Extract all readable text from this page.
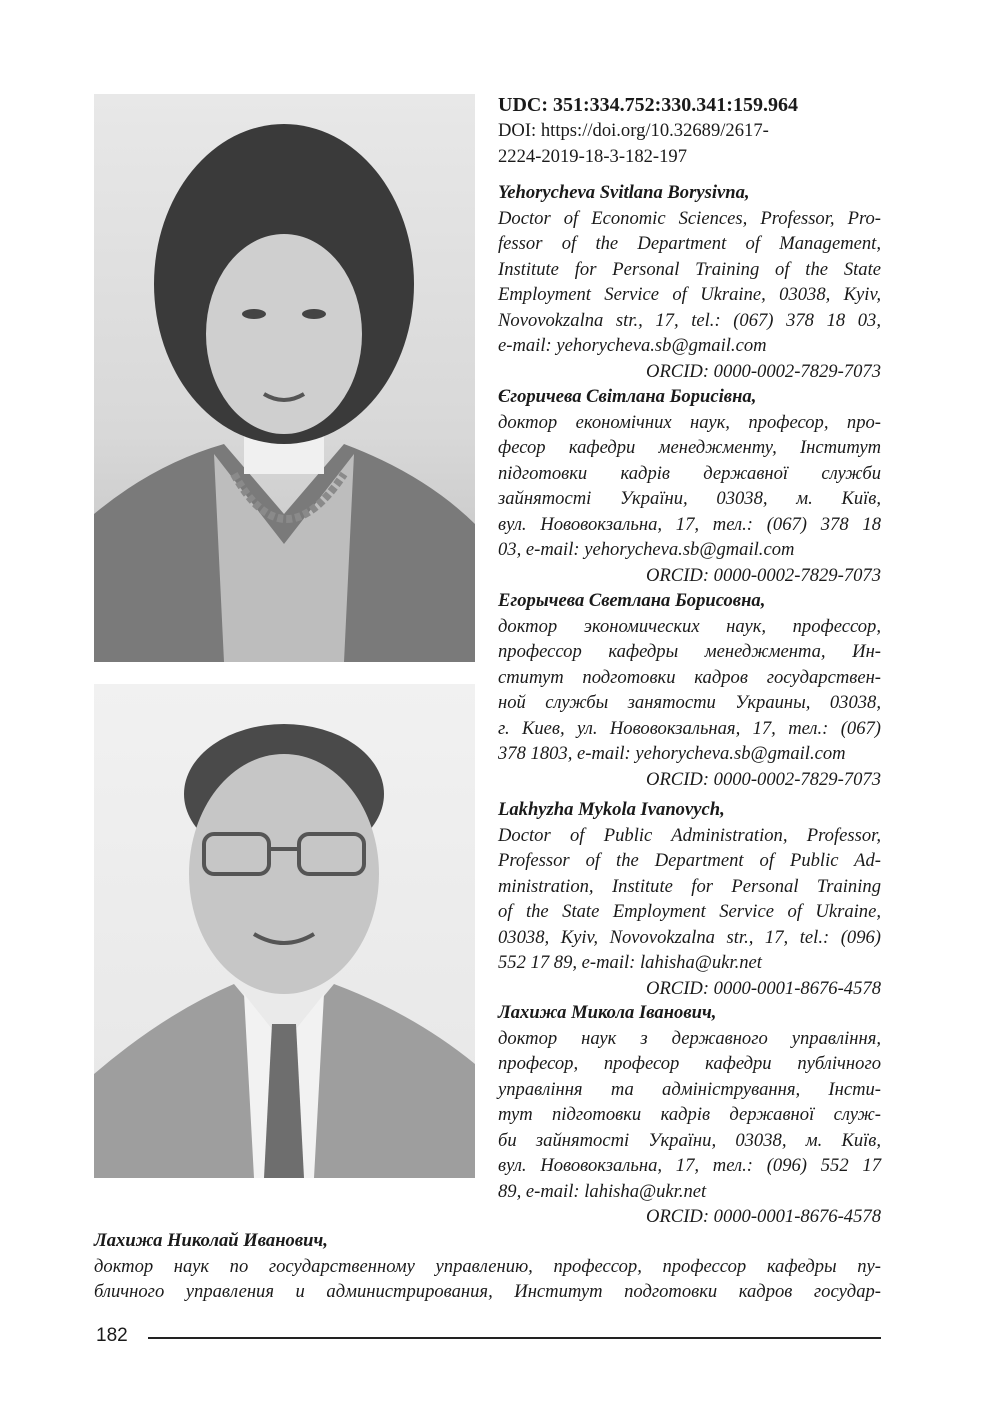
UDC: 351:334.752:330.341:159.964
DOI: https://doi.org/10.32689/2617-
2224-2019-18-3-182-197
Yehorycheva Svitlana Borysivna,
Doctor of Economic Sciences, Professor, Pro-
fessor of the Department of Management,
Institute for Personal Training of the State
Employment Service of Ukraine, 03038, Kyiv,
Novovokzalna str., 17, tel.: (067) 378 18 03,
e-mail: yehorycheva.sb@gmail.com
ORCID: 0000-0002-7829-7073
Єгоричева Світлана Борисівна,
доктор економічних наук, професор, про-
фесор кафедри менеджменту, Інститут
підготовки кадрів державної служби
зайнятості України, 03038, м. Київ,
вул. Нововокзальна, 17, тел.: (067) 378 18
03, e-mail: yehorycheva.sb@gmail.com
ORCID: 0000-0002-7829-7073
Егорычева Светлана Борисовна,
доктор экономических наук, профессор,
профессор кафедры менеджмента, Ин-
ститут подготовки кадров государствен-
ной службы занятости Украины, 03038,
г. Киев, ул. Нововокзальная, 17, тел.: (067)
378 1803, e-mail: yehorycheva.sb@gmail.com
ORCID: 0000-0002-7829-7073
Lakhyzha Mykola Ivanovych,
Doctor of Public Administration, Professor,
Professor of the Department of Public Ad-
ministration, Institute for Personal Training
of the State Employment Service of Ukraine,
03038, Kyiv, Novovokzalna str., 17, tel.: (096)
552 17 89, e-mail: lahisha@ukr.net
ORCID: 0000-0001-8676-4578
Лахижа Микола Іванович,
доктор наук з державного управління,
професор, професор кафедри публічного
управління та адміністрування, Інсти-
тут підготовки кадрів державної служ-
би зайнятості України, 03038, м. Київ,
вул. Нововокзальна, 17, тел.: (096) 552 17
89, e-mail: lahisha@ukr.net
ORCID: 0000-0001-8676-4578
Лахижа Николай Иванович,
доктор наук по государственному управлению, профессор, профессор кафедры пу-
бличного управления и администрирования, Институт подготовки кадров государ-
182
